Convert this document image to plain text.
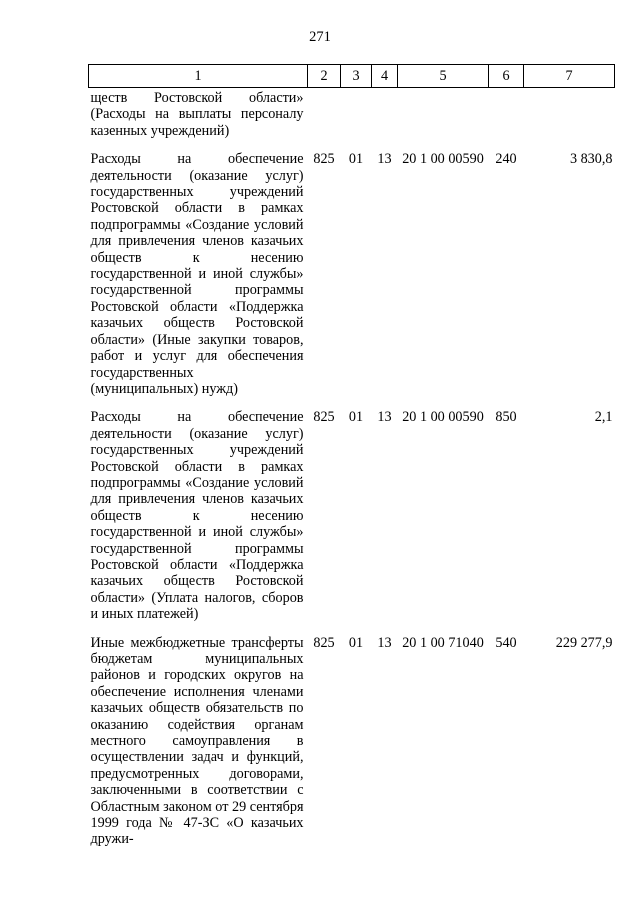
271
1	2	3	4	5	6	7
ществ Ростовской области» (Расходы на выплаты персоналу казенных учреждений)						
Расходы на обеспечение деятельности (оказание услуг) государственных учреждений Ростовской области в рамках подпрограммы «Создание условий для привлечения членов казачьих обществ к несению государственной и иной службы» государственной программы Ростовской области «Поддержка казачьих обществ Ростовской области» (Иные закупки товаров, работ и услуг для обеспечения государственных (муниципальных) нужд)	825	01	13	20 1 00 00590	240	3 830,8
Расходы на обеспечение деятельности (оказание услуг) государственных учреждений Ростовской области в рамках подпрограммы «Создание условий для привлечения членов казачьих обществ к несению государственной и иной службы» государственной программы Ростовской области «Поддержка казачьих обществ Ростовской области» (Уплата налогов, сборов и иных платежей)	825	01	13	20 1 00 00590	850	2,1
Иные межбюджетные трансферты бюджетам муниципальных районов и городских округов на обеспечение исполнения членами казачьих обществ обязательств по оказанию содействия органам местного самоуправления в осуществлении задач и функций, предусмотренных договорами, заключенными в соответствии с Областным законом от 29 сентября 1999 года № 47-ЗС «О казачьих дружи-	825	01	13	20 1 00 71040	540	229 277,9
